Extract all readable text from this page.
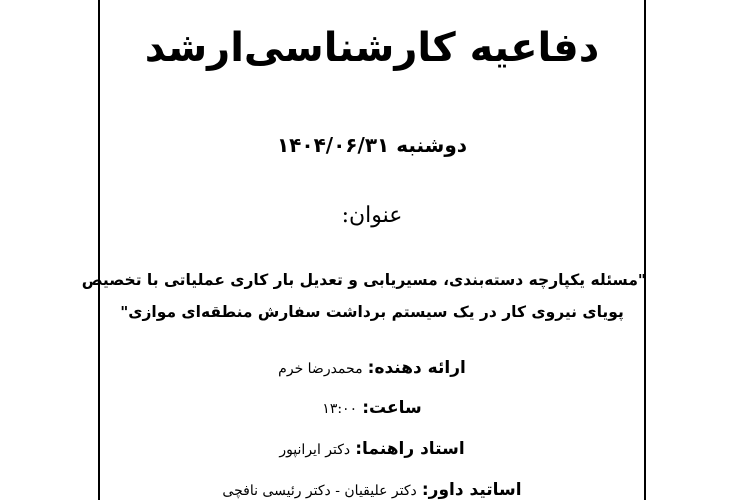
دفاعیه کارشناسی‌ارشد
دوشنبه ۱۴۰۴/۰۶/۳۱
عنوان:
"مسئله یکپارچه دسته‌بندی، مسیریابی و تعدیل بار کاری عملیاتی با تخصیص
پویای نیروی کار در یک سیستم برداشت سفارش منطقه‌ای موازی"
ارائه دهنده: محمدرضا خرم
ساعت: ۱۳:۰۰
استاد راهنما: دکتر ایرانپور
اساتید داور: دکتر علیقیان - دکتر رئیسی نافچی
